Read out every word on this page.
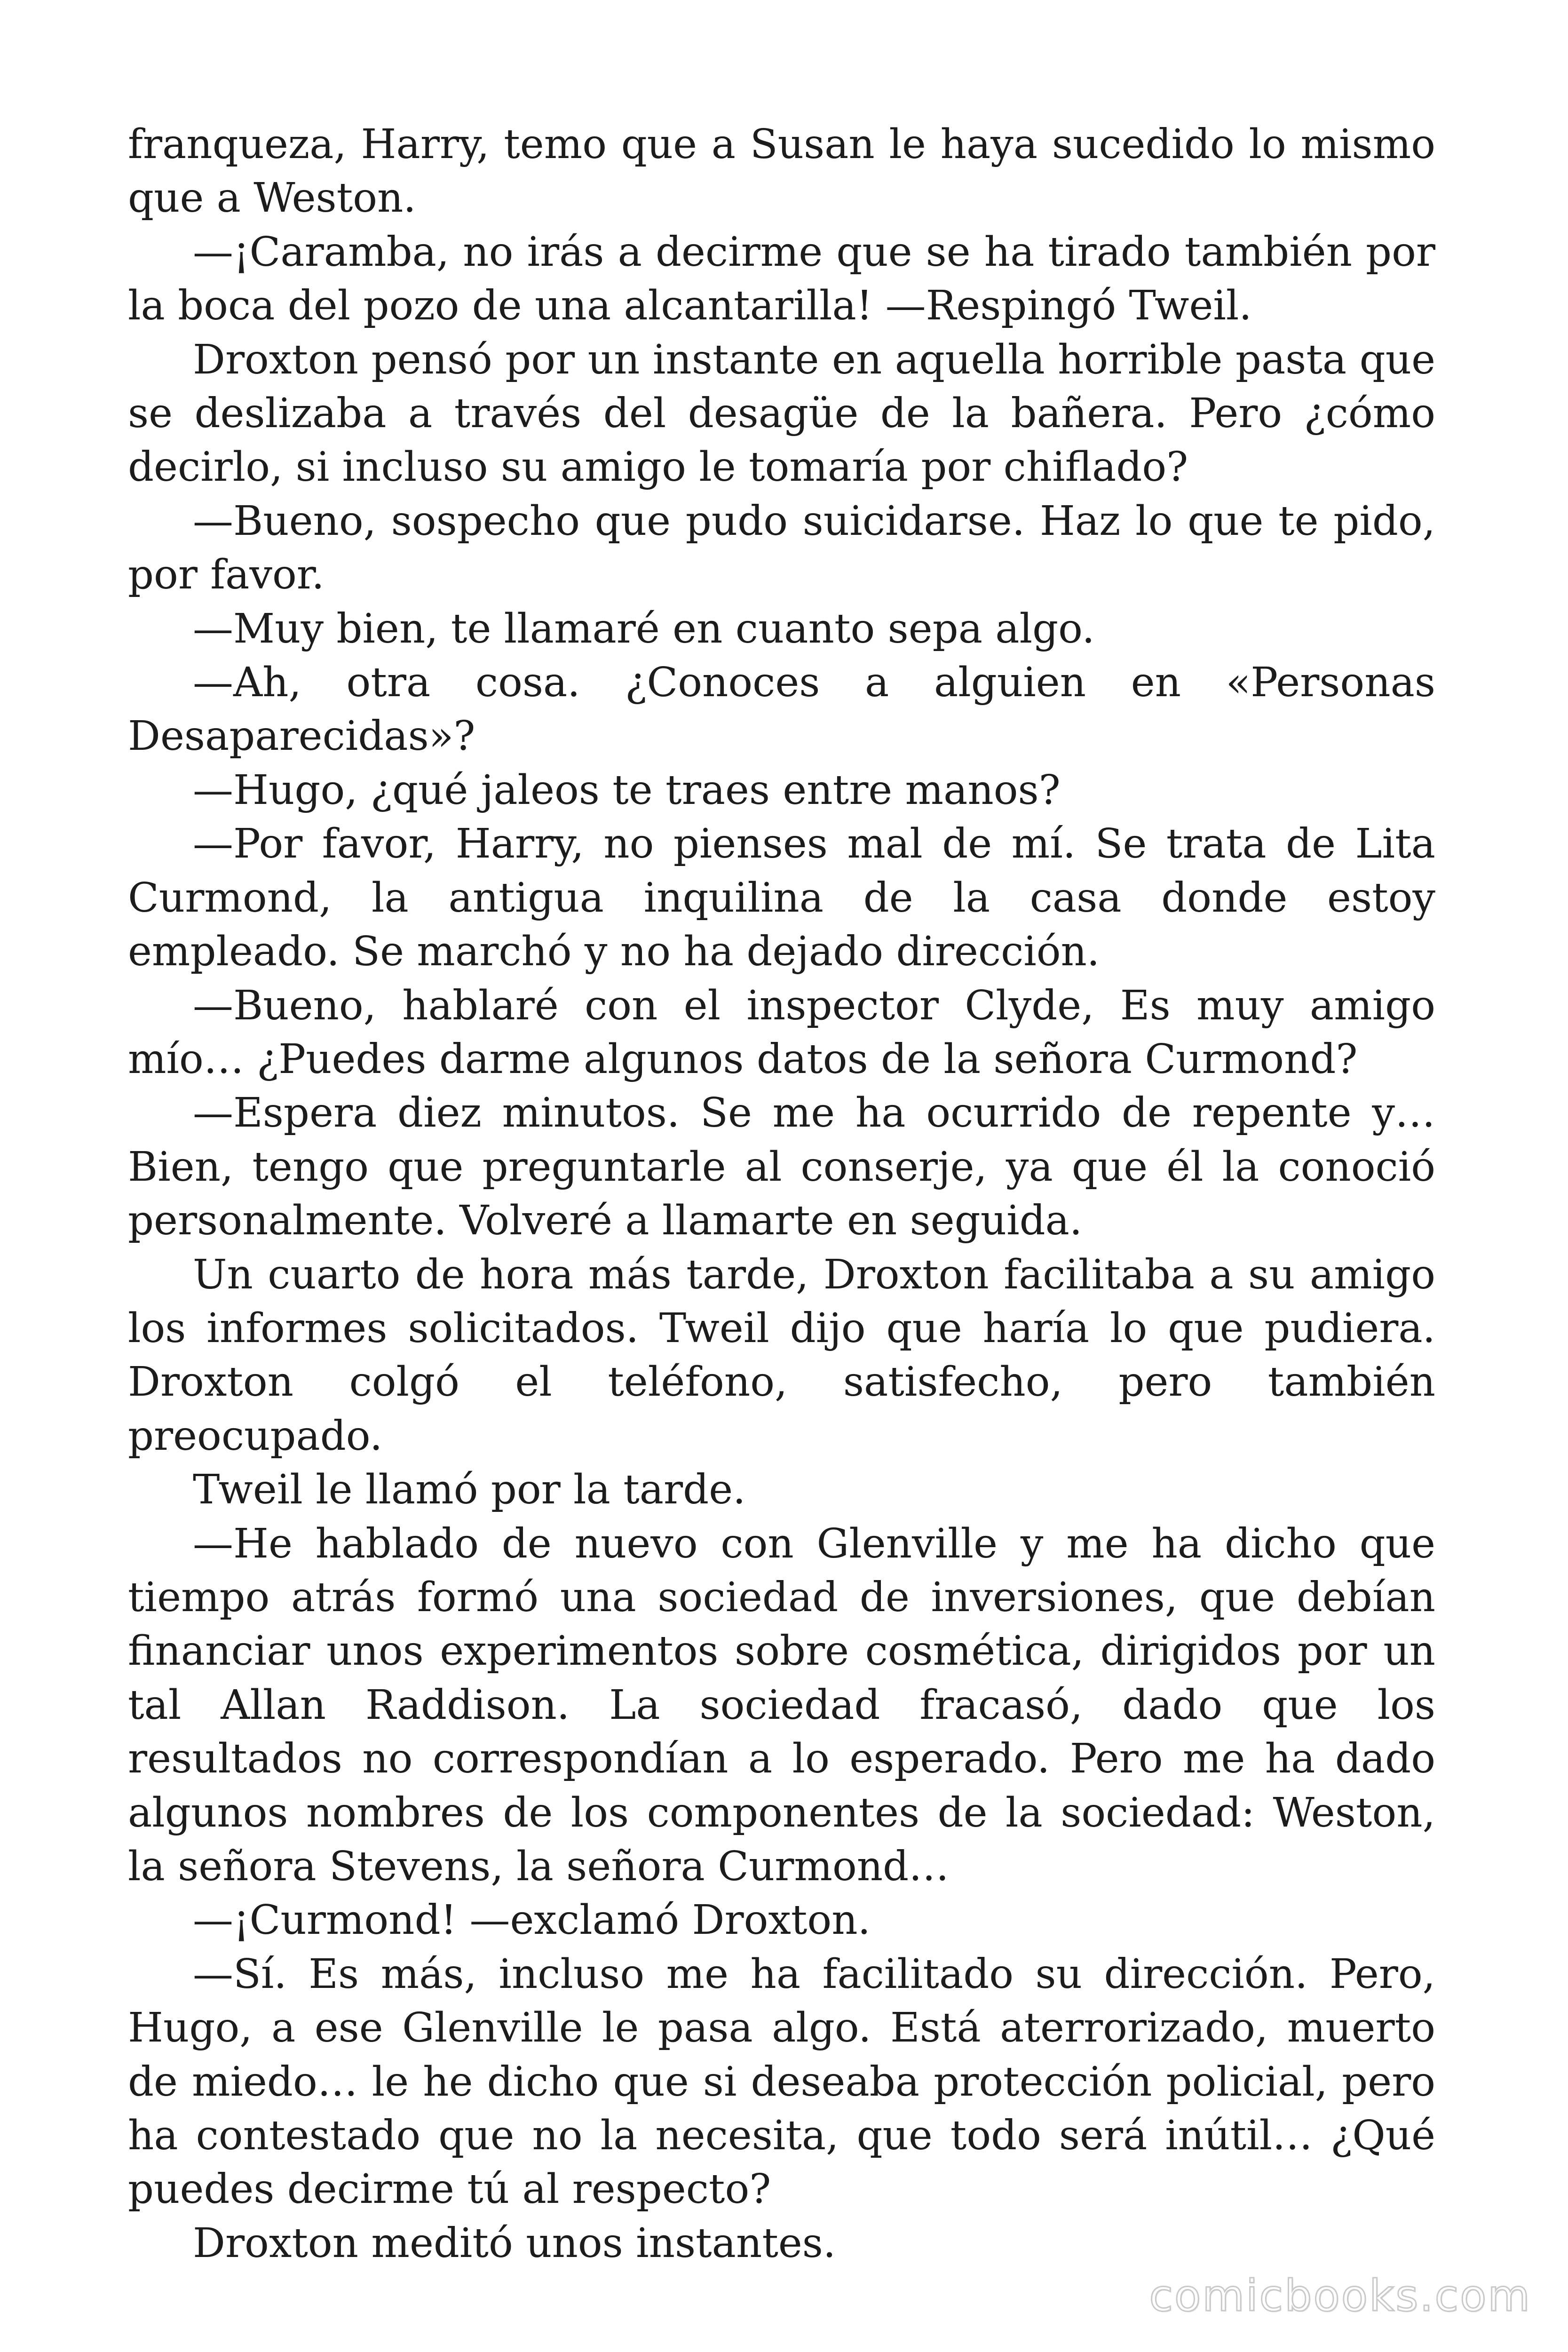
franqueza, Harry, temo que a Susan le haya sucedido lo mismo que a Weston.

—¡Caramba, no irás a decirme que se ha tirado también por la boca del pozo de una alcantarilla! —Respingó Tweil.

Droxton pensó por un instante en aquella horrible pasta que se deslizaba a través del desagüe de la bañera. Pero ¿cómo decirlo, si incluso su amigo le tomaría por chiflado?

—Bueno, sospecho que pudo suicidarse. Haz lo que te pido, por favor.

—Muy bien, te llamaré en cuanto sepa algo.

—Ah, otra cosa. ¿Conoces a alguien en «Personas Desaparecidas»?

—Hugo, ¿qué jaleos te traes entre manos?

—Por favor, Harry, no pienses mal de mí. Se trata de Lita Curmond, la antigua inquilina de la casa donde estoy empleado. Se marchó y no ha dejado dirección.

—Bueno, hablaré con el inspector Clyde, Es muy amigo mío… ¿Puedes darme algunos datos de la señora Curmond?

—Espera diez minutos. Se me ha ocurrido de repente y… Bien, tengo que preguntarle al conserje, ya que él la conoció personalmente. Volveré a llamarte en seguida.

Un cuarto de hora más tarde, Droxton facilitaba a su amigo los informes solicitados. Tweil dijo que haría lo que pudiera. Droxton colgó el teléfono, satisfecho, pero también preocupado.

Tweil le llamó por la tarde.

—He hablado de nuevo con Glenville y me ha dicho que tiempo atrás formó una sociedad de inversiones, que debían financiar unos experimentos sobre cosmética, dirigidos por un tal Allan Raddison. La sociedad fracasó, dado que los resultados no correspondían a lo esperado. Pero me ha dado algunos nombres de los componentes de la sociedad: Weston, la señora Stevens, la señora Curmond…

—¡Curmond! —exclamó Droxton.

—Sí. Es más, incluso me ha facilitado su dirección. Pero, Hugo, a ese Glenville le pasa algo. Está aterrorizado, muerto de miedo… le he dicho que si deseaba protección policial, pero ha contestado que no la necesita, que todo será inútil… ¿Qué puedes decirme tú al respecto?

Droxton meditó unos instantes.

comicbooks.com
